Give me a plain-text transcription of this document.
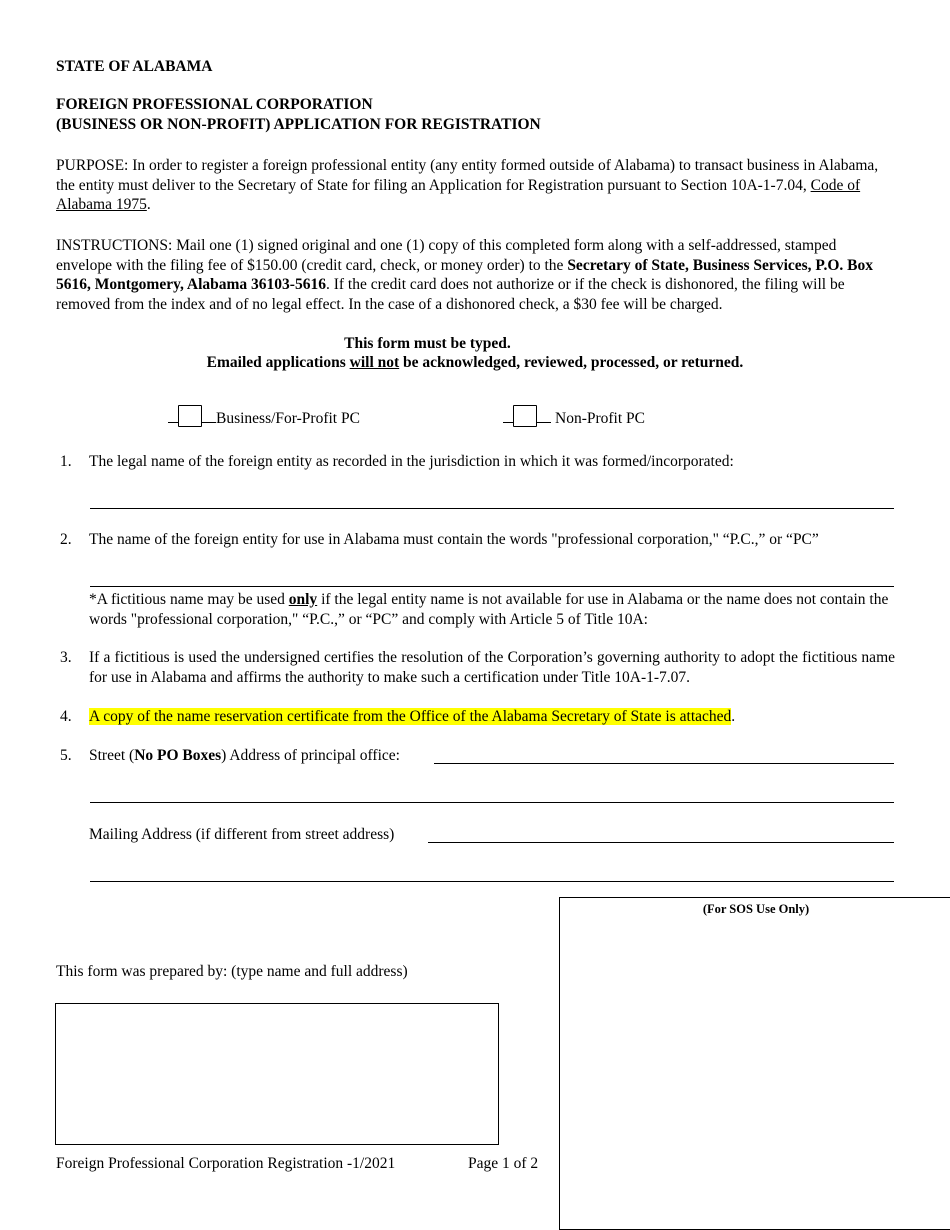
STATE OF ALABAMA
FOREIGN PROFESSIONAL CORPORATION
(BUSINESS OR NON-PROFIT) APPLICATION FOR REGISTRATION
PURPOSE: In order to register a foreign professional entity (any entity formed outside of Alabama) to transact business in Alabama, the entity must deliver to the Secretary of State for filing an Application for Registration pursuant to Section 10A-1-7.04, Code of Alabama 1975.
INSTRUCTIONS: Mail one (1) signed original and one (1) copy of this completed form along with a self-addressed, stamped envelope with the filing fee of $150.00 (credit card, check, or money order) to the Secretary of State, Business Services, P.O. Box 5616, Montgomery, Alabama 36103-5616. If the credit card does not authorize or if the check is dishonored, the filing will be removed from the index and of no legal effect. In the case of a dishonored check, a $30 fee will be charged.
This form must be typed.
Emailed applications will not be acknowledged, reviewed, processed, or returned.
Business/For-Profit PC	Non-Profit PC
1. The legal name of the foreign entity as recorded in the jurisdiction in which it was formed/incorporated:
2. The name of the foreign entity for use in Alabama must contain the words "professional corporation," “P.C.,” or “PC”
*A fictitious name may be used only if the legal entity name is not available for use in Alabama or the name does not contain the words "professional corporation," “P.C.,” or “PC” and comply with Article 5 of Title 10A:
3. If a fictitious is used the undersigned certifies the resolution of the Corporation’s governing authority to adopt the fictitious name for use in Alabama and affirms the authority to make such a certification under Title 10A-1-7.07.
4. A copy of the name reservation certificate from the Office of the Alabama Secretary of State is attached.
5. Street (No PO Boxes) Address of principal office:
Mailing Address (if different from street address)
This form was prepared by: (type name and full address)
(For SOS Use Only)
Foreign Professional Corporation Registration -1/2021	Page 1 of 2
